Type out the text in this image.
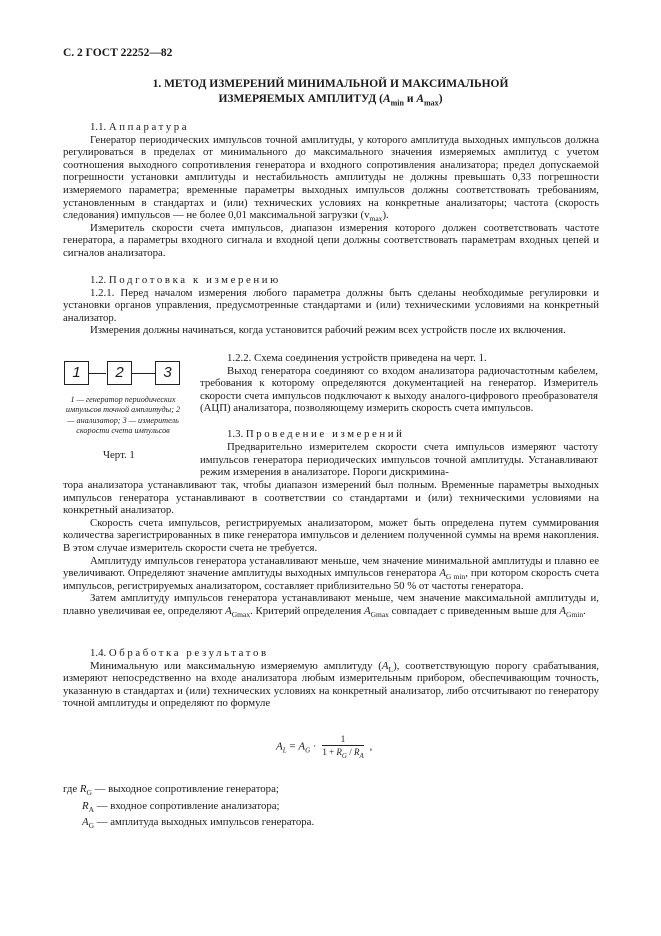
С. 2 ГОСТ 22252—82
1. МЕТОД ИЗМЕРЕНИЙ МИНИМАЛЬНОЙ И МАКСИМАЛЬНОЙ
ИЗМЕРЯЕМЫХ АМПЛИТУД ($A_{min}$ и $A_{max}$)
1.1. Аппаратура
Генератор периодических импульсов точной амплитуды, у которого амплитуда выходных импульсов должна регулироваться в пределах от минимального до максимального значения измеряемых амплитуд с учетом соотношения выходного сопротивления генератора и входного сопротивления анализатора; предел допускаемой погрешности установки амплитуды и нестабильность амплитуды не должны превышать 0,33 погрешности измеряемого параметра; временные параметры выходных импульсов должны соответствовать требованиям, установленным в стандартах и (или) технических условиях на конкретные анализаторы; частота (скорость следования) импульсов — не более 0,01 максимальной загрузки $(v_{max})$.
Измеритель скорости счета импульсов, диапазон измерения которого должен соответствовать частоте генератора, а параметры входного сигнала и входной цепи должны соответствовать параметрам входных цепей и сигналов анализатора.
1.2. Подготовка к измерению
1.2.1. Перед началом измерения любого параметра должны быть сделаны необходимые регулировки и установки органов управления, предусмотренные стандартами и (или) техническими условиями на конкретный анализатор.
Измерения должны начинаться, когда установится рабочий режим всех устройств после их включения.
1	2	3
1 — генератор периодических импульсов точной амплитуды; 2 — анализатор; 3 — измеритель скорости счета импульсов
Черт. 1
1.2.2. Схема соединения устройств приведена на черт. 1.
Выход генератора соединяют со входом анализатора радиочастотным кабелем, требования к которому определяются документацией на генератор. Измеритель скорости счета импульсов подключают к выходу аналого-цифрового преобразователя (АЦП) анализатора, позволяющему измерить скорость счета импульсов.
1.3. Проведение измерений
Предварительно измерителем скорости счета импульсов измеряют частоту импульсов генератора периодических импульсов точной амплитуды. Устанавливают режим измерения в анализаторе. Пороги дискримина-
тора анализатора устанавливают так, чтобы диапазон измерений был полным. Временные параметры выходных импульсов генератора устанавливают в соответствии со стандартами и (или) техническими условиями на конкретный анализатор.
Скорость счета импульсов, регистрируемых анализатором, может быть определена путем суммирования количества зарегистрированных в пике генератора импульсов и делением полученной суммы на время накопления. В этом случае измеритель скорости счета не требуется.
Амплитуду импульсов генератора устанавливают меньше, чем значение минимальной амплитуды и плавно ее увеличивают. Определяют значение амплитуды выходных импульсов генератора $A_{G min}$, при котором скорость счета импульсов, регистрируемых анализатором, составляет приблизительно 50 % от частоты генератора.
Затем амплитуду импульсов генератора устанавливают меньше, чем значение максимальной амплитуды и, плавно увеличивая ее, определяют $A_{Gmax}$. Критерий определения $A_{Gmax}$ совпадает с приведенным выше для $A_{Gmin}$.
1.4. Обработка результатов
Минимальную или максимальную измеряемую амплитуду $(A_L)$, соответствующую порогу срабатывания, измеряют непосредственно на входе анализатора любым измерительным прибором, обеспечивающим точность, указанную в стандартах и (или) технических условиях на конкретный анализатор, либо отсчитывают по генератору точной амплитуды и определяют по формуле
$A_L = A_G \cdot \frac{1}{1 + R_G / R_A}$ ,
где $R_G$ — выходное сопротивление генератора;
$R_A$ — входное сопротивление анализатора;
$A_G$ — амплитуда выходных импульсов генератора.
